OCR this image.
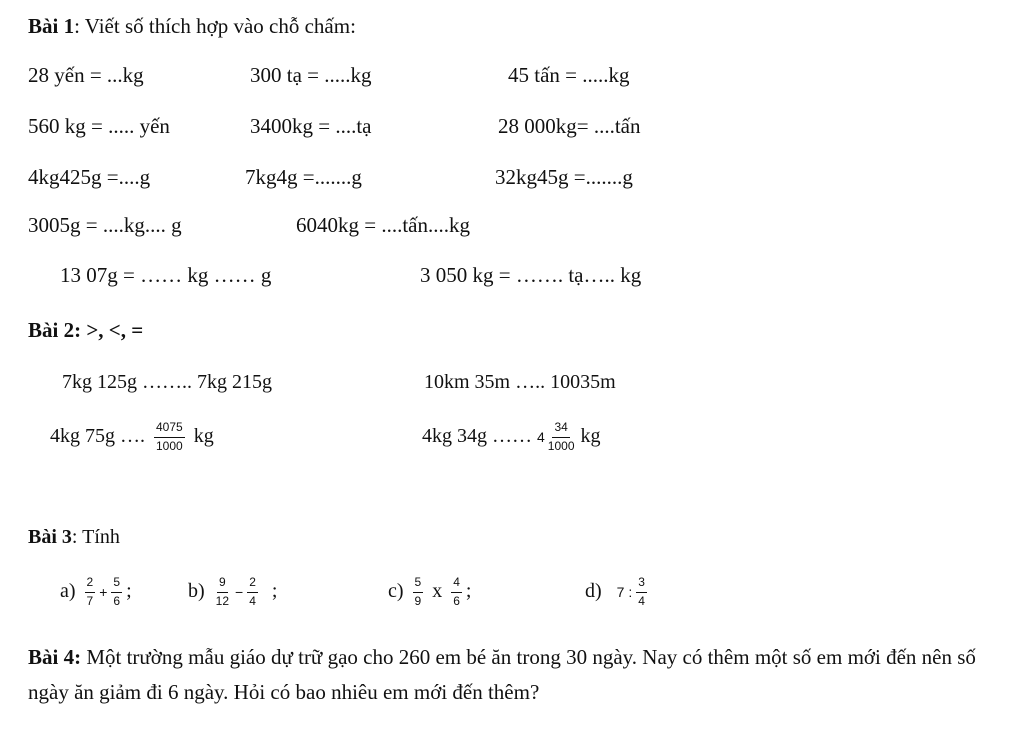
Bài 1: Viết số thích hợp vào chỗ chấm:
28 yến = ...kg	300 tạ = .....kg	45 tấn = .....kg
560 kg = ..... yến	3400kg = ....tạ	28 000kg= ....tấn
4kg425g =....g	7kg4g =.......g	32kg45g =.......g
3005g = ....kg.... g	6040kg = ....tấn....kg
13 07g = …… kg …… g	3 050 kg = ……. tạ….. kg
Bài 2: >, <, =
7kg 125g …….. 7kg 215g	10km 35m ….. 10035m
4kg 75g …. $\frac{4075}{1000}$ kg	4kg 34g …… $4 \frac{34}{1000}$ kg
Bài 3: Tính
$a) \frac{2}{7} + \frac{5}{6}$ ;	$b) \frac{9}{12} - \frac{2}{4}$ ;	$c) \frac{5}{9}$ x $\frac{4}{6}$ ;	d) 7 : $\frac{3}{4}$
Bài 4: Một trường mẫu giáo dự trữ gạo cho 260 em bé ăn trong 30 ngày. Nay có thêm một số em mới đến nên số ngày ăn giảm đi 6 ngày. Hỏi có bao nhiêu em mới đến thêm?
